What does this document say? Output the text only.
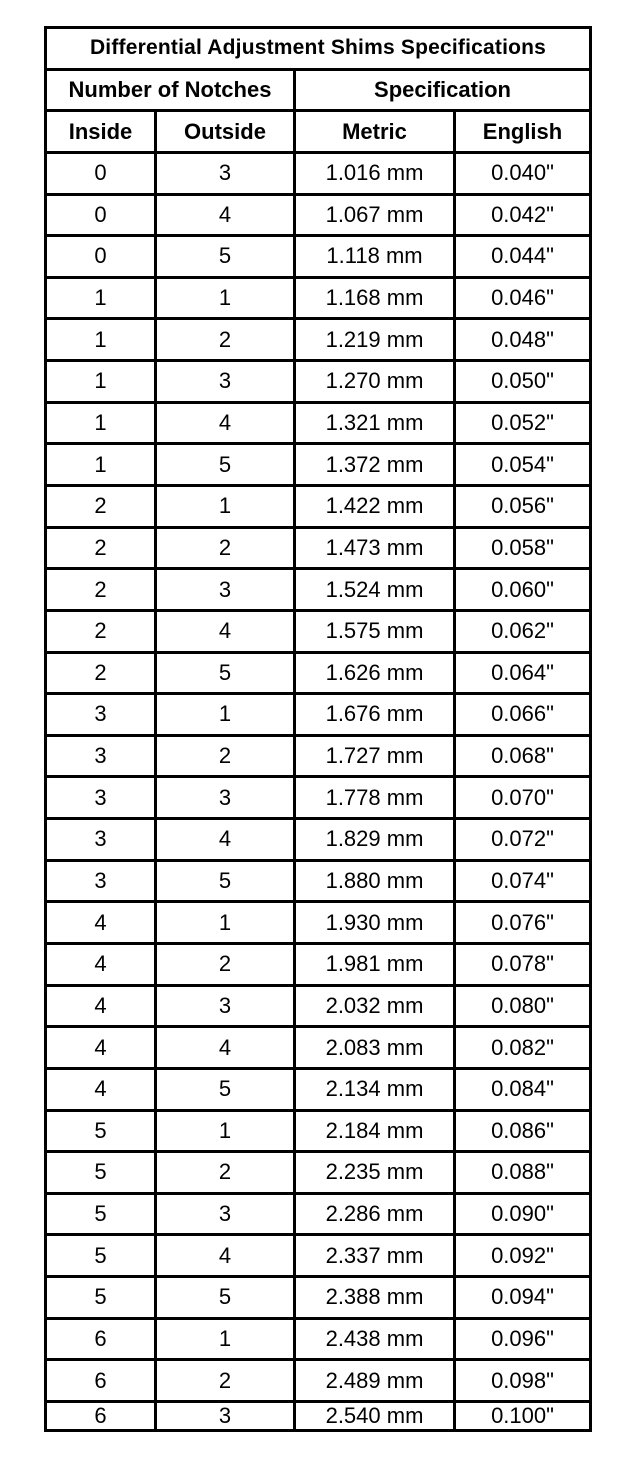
Differential Adjustment Shims Specifications
Number of Notches	Specification
Inside	Outside	Metric	English
0	3	1.016 mm	0.040"
0	4	1.067 mm	0.042"
0	5	1.118 mm	0.044"
1	1	1.168 mm	0.046"
1	2	1.219 mm	0.048"
1	3	1.270 mm	0.050"
1	4	1.321 mm	0.052"
1	5	1.372 mm	0.054"
2	1	1.422 mm	0.056"
2	2	1.473 mm	0.058"
2	3	1.524 mm	0.060"
2	4	1.575 mm	0.062"
2	5	1.626 mm	0.064"
3	1	1.676 mm	0.066"
3	2	1.727 mm	0.068"
3	3	1.778 mm	0.070"
3	4	1.829 mm	0.072"
3	5	1.880 mm	0.074"
4	1	1.930 mm	0.076"
4	2	1.981 mm	0.078"
4	3	2.032 mm	0.080"
4	4	2.083 mm	0.082"
4	5	2.134 mm	0.084"
5	1	2.184 mm	0.086"
5	2	2.235 mm	0.088"
5	3	2.286 mm	0.090"
5	4	2.337 mm	0.092"
5	5	2.388 mm	0.094"
6	1	2.438 mm	0.096"
6	2	2.489 mm	0.098"
6	3	2.540 mm	0.100"
